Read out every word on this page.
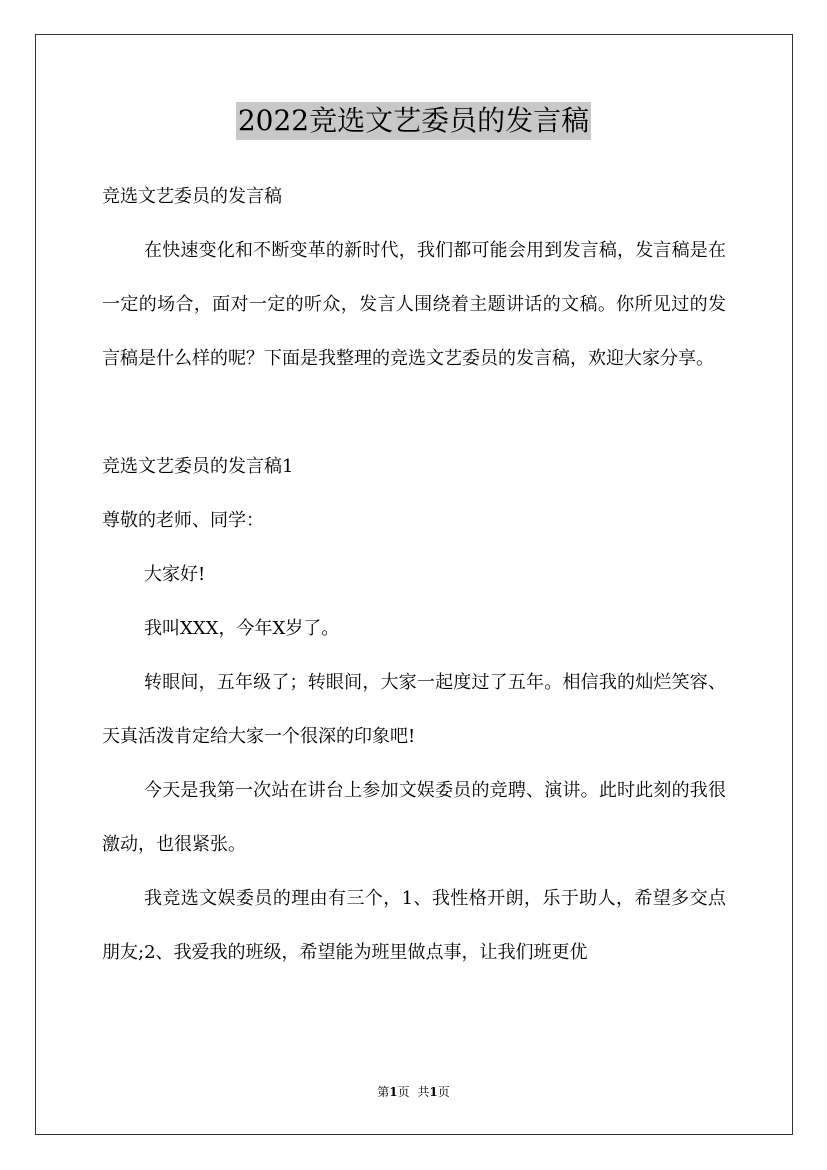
2022竞选文艺委员的发言稿

竞选文艺委员的发言稿

在快速变化和不断变革的新时代，我们都可能会用到发言稿，发言稿是在一定的场合，面对一定的听众，发言人围绕着主题讲话的文稿。你所见过的发言稿是什么样的呢？下面是我整理的竞选文艺委员的发言稿，欢迎大家分享。

竞选文艺委员的发言稿1

尊敬的老师、同学：

大家好!

我叫XXX，今年X岁了。

转眼间，五年级了；转眼间，大家一起度过了五年。相信我的灿烂笑容、天真活泼肯定给大家一个很深的印象吧!

今天是我第一次站在讲台上参加文娱委员的竞聘、演讲。此时此刻的我很激动，也很紧张。

我竞选文娱委员的理由有三个，1、我性格开朗，乐于助人，希望多交点朋友;2、我爱我的班级，希望能为班里做点事，让我们班更优

第1页 共1页
